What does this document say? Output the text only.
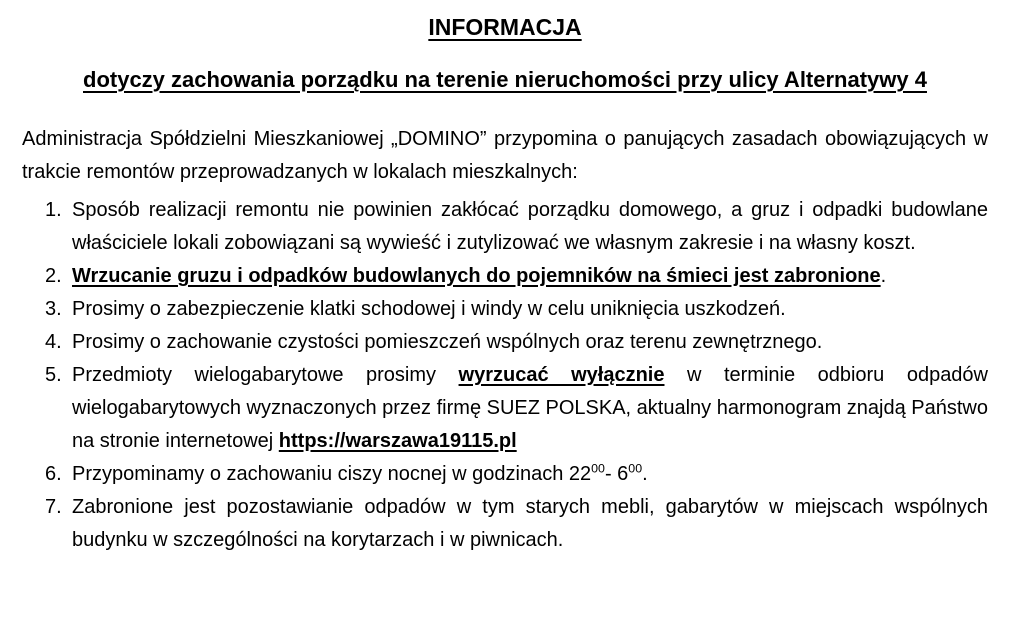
INFORMACJA
dotyczy zachowania porządku na terenie nieruchomości przy ulicy Alternatywy 4

Administracja Spółdzielni Mieszkaniowej „DOMINO” przypomina o panujących zasadach obowiązujących w trakcie remontów przeprowadzanych w lokalach mieszkalnych:

1. Sposób realizacji remontu nie powinien zakłócać porządku domowego, a gruz i odpadki budowlane właściciele lokali zobowiązani są wywieść i zutylizować we własnym zakresie i na własny koszt.
2. Wrzucanie gruzu i odpadków budowlanych do pojemników na śmieci jest zabronione.
3. Prosimy o zabezpieczenie klatki schodowej i windy w celu uniknięcia uszkodzeń.
4. Prosimy o zachowanie czystości pomieszczeń wspólnych oraz terenu zewnętrznego.
5. Przedmioty wielogabarytowe prosimy wyrzucać wyłącznie w terminie odbioru odpadów wielogabarytowych wyznaczonych przez firmę SUEZ POLSKA, aktualny harmonogram znajdą Państwo na stronie internetowej https://warszawa19115.pl
6. Przypominamy o zachowaniu ciszy nocnej w godzinach $22^{00}-$ $6^{00}$.
7. Zabronione jest pozostawianie odpadów w tym starych mebli, gabarytów w miejscach wspólnych budynku w szczególności na korytarzach i w piwnicach.
